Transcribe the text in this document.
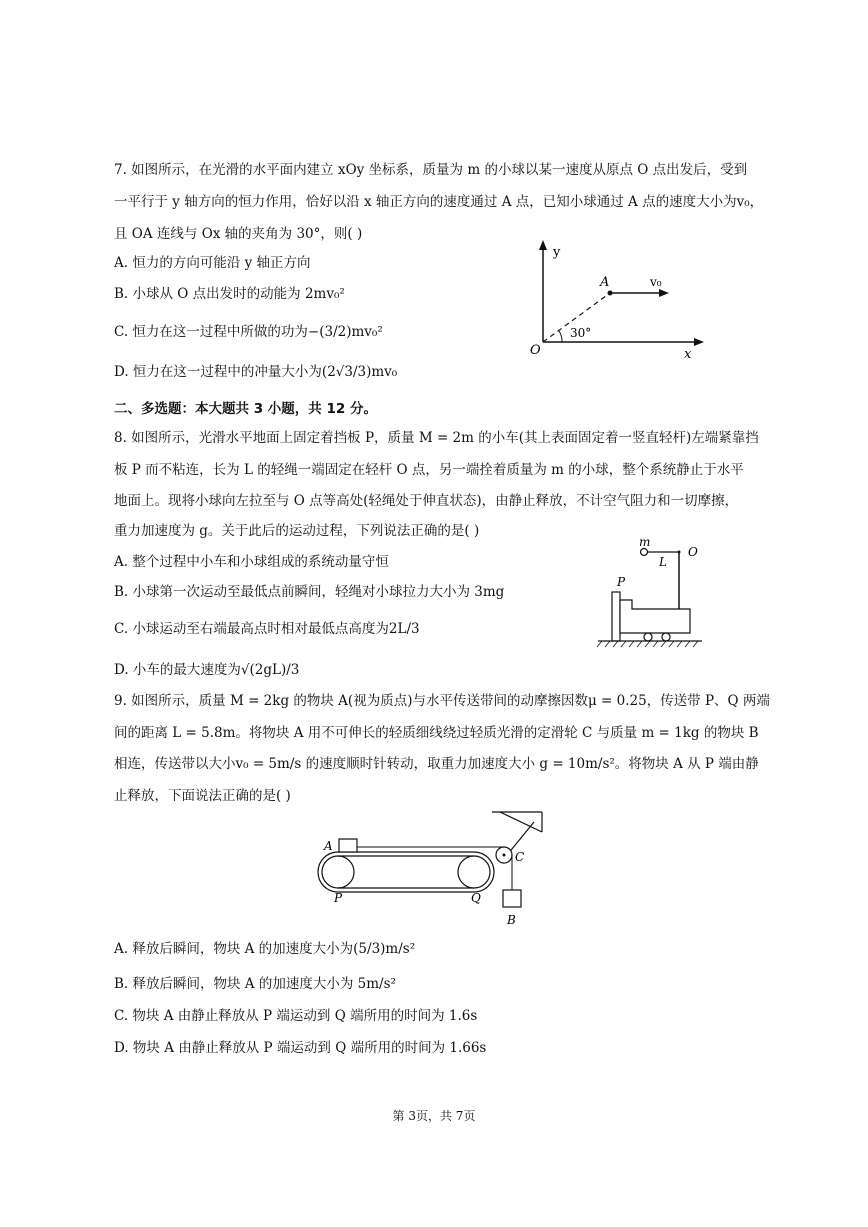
7. 如图所示，在光滑的水平面内建立 xOy 坐标系，质量为 m 的小球以某一速度从原点 O 点出发后，受到
一平行于 y 轴方向的恒力作用，恰好以沿 x 轴正方向的速度通过 A 点，已知小球通过 A 点的速度大小为v₀，
且 OA 连线与 Ox 轴的夹角为 30°，则( )
A. 恒力的方向可能沿 y 轴正方向
B. 小球从 O 点出发时的动能为 2mv₀²
C. 恒力在这一过程中所做的功为−(3/2)mv₀²
D. 恒力在这一过程中的冲量大小为(2√3/3)mv₀
y
x
O
A	v₀
30°
二、多选题：本大题共 3 小题，共 12 分。
8. 如图所示，光滑水平地面上固定着挡板 P，质量 M = 2m 的小车(其上表面固定着一竖直轻杆)左端紧靠挡
板 P 而不粘连，长为 L 的轻绳一端固定在轻杆 O 点，另一端拴着质量为 m 的小球，整个系统静止于水平
地面上。现将小球向左拉至与 O 点等高处(轻绳处于伸直状态)，由静止释放，不计空气阻力和一切摩擦，
重力加速度为 g。关于此后的运动过程，下列说法正确的是( )
A. 整个过程中小车和小球组成的系统动量守恒
B. 小球第一次运动至最低点前瞬间，轻绳对小球拉力大小为 3mg
C. 小球运动至右端最高点时相对最低点高度为2L/3
D. 小车的最大速度为√(2gL)/3
m
L
O
P
9. 如图所示，质量 M = 2kg 的物块 A(视为质点)与水平传送带间的动摩擦因数μ = 0.25，传送带 P、Q 两端
间的距离 L = 5.8m。将物块 A 用不可伸长的轻质细线绕过轻质光滑的定滑轮 C 与质量 m = 1kg 的物块 B
相连，传送带以大小v₀ = 5m/s 的速度顺时针转动，取重力加速度大小 g = 10m/s²。将物块 A 从 P 端由静
止释放，下面说法正确的是( )
A
P	Q
C
B
A. 释放后瞬间，物块 A 的加速度大小为(5/3)m/s²
B. 释放后瞬间，物块 A 的加速度大小为 5m/s²
C. 物块 A 由静止释放从 P 端运动到 Q 端所用的时间为 1.6s
D. 物块 A 由静止释放从 P 端运动到 Q 端所用的时间为 1.66s
第 3页，共 7页
